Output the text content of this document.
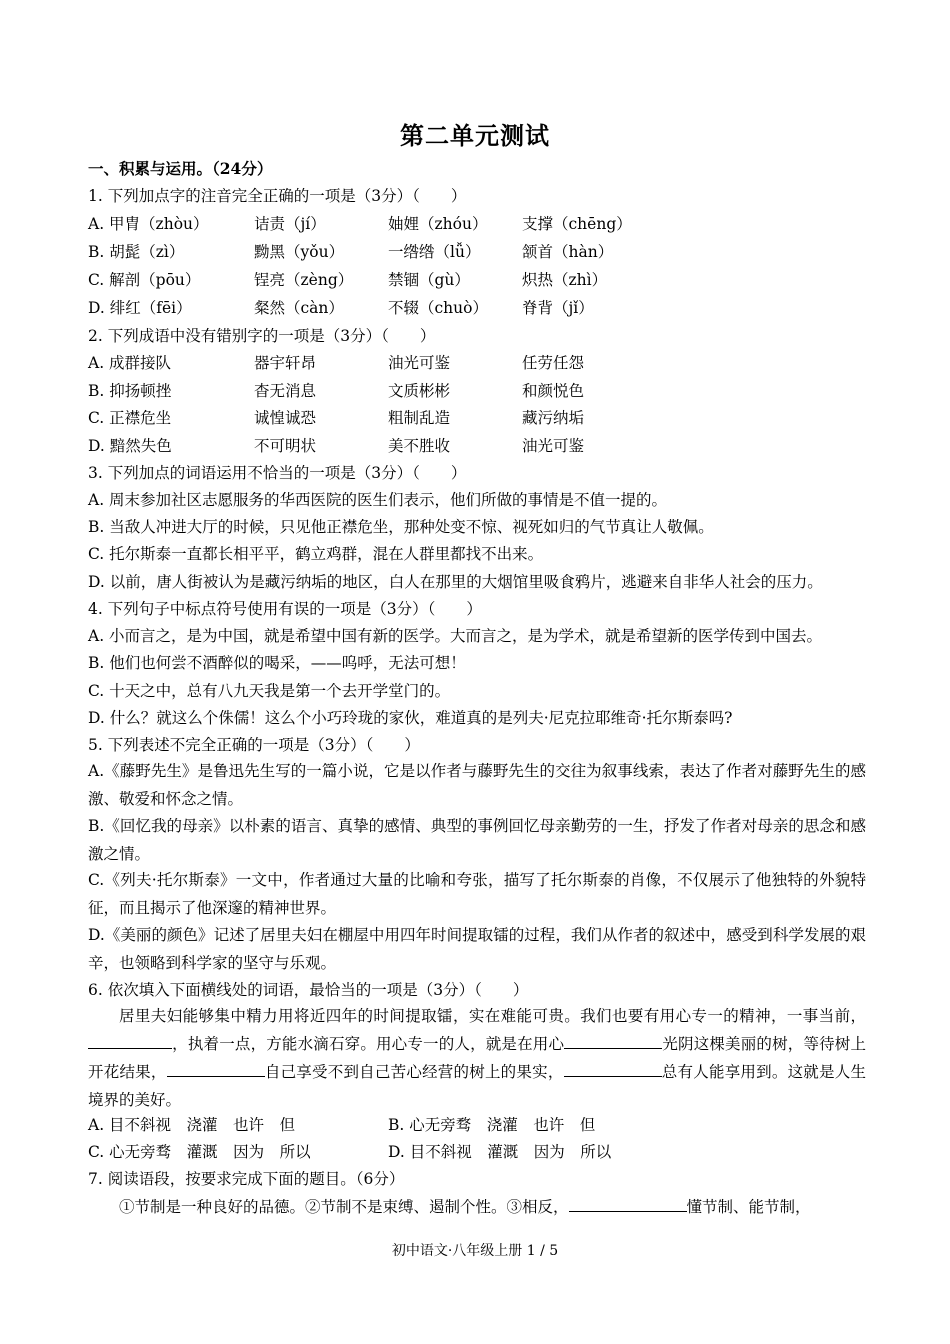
第二单元测试
一、积累与运用。（24分）
1. 下列加点字的注音完全正确的一项是（3分）（　　）
A. 甲胄（zhòu）	诘责（jí）	妯娌（zhóu） 支撑（chēng）
B. 胡髭（zì）	黝黑（yǒu）	一绺绺（lǚ）	颔首（hàn）
C. 解剖（pōu）	锃亮（zèng） 禁锢（gù）	炽热（zhì）
D. 绯红（fēi）	粲然（càn）	不辍（chuò） 脊背（jǐ）
2. 下列成语中没有错别字的一项是（3分）（　　）
A. 成群接队	器宇轩昂	油光可鉴	任劳任怨
B. 抑扬顿挫	杳无消息	文质彬彬	和颜悦色
C. 正襟危坐	诚惶诚恐	粗制乱造	藏污纳垢
D. 黯然失色	不可明状	美不胜收	油光可鉴
3. 下列加点的词语运用不恰当的一项是（3分）（　　）
A. 周末参加社区志愿服务的华西医院的医生们表示，他们所做的事情是不值一提的。
B. 当敌人冲进大厅的时候，只见他正襟危坐，那种处变不惊、视死如归的气节真让人敬佩。
C. 托尔斯泰一直都长相平平，鹤立鸡群，混在人群里都找不出来。
D. 以前，唐人街被认为是藏污纳垢的地区，白人在那里的大烟馆里吸食鸦片，逃避来自非华人社会的压力。
4. 下列句子中标点符号使用有误的一项是（3分）（　　）
A. 小而言之，是为中国，就是希望中国有新的医学。大而言之，是为学术，就是希望新的医学传到中国去。
B. 他们也何尝不酒醉似的喝采，——呜呼，无法可想！
C. 十天之中，总有八九天我是第一个去开学堂门的。
D. 什么？就这么个侏儒！这么个小巧玲珑的家伙，难道真的是列夫·尼克拉耶维奇·托尔斯泰吗?
5. 下列表述不完全正确的一项是（3分）（　　）
A.《藤野先生》是鲁迅先生写的一篇小说，它是以作者与藤野先生的交往为叙事线索，表达了作者对藤野先生的感激、敬爱和怀念之情。
B.《回忆我的母亲》以朴素的语言、真挚的感情、典型的事例回忆母亲勤劳的一生，抒发了作者对母亲的思念和感激之情。
C.《列夫·托尔斯泰》一文中，作者通过大量的比喻和夸张，描写了托尔斯泰的肖像，不仅展示了他独特的外貌特征，而且揭示了他深邃的精神世界。
D.《美丽的颜色》记述了居里夫妇在棚屋中用四年时间提取镭的过程，我们从作者的叙述中，感受到科学发展的艰辛，也领略到科学家的坚守与乐观。
6. 依次填入下面横线处的词语，最恰当的一项是（3分）（　　）
居里夫妇能够集中精力用将近四年的时间提取镭，实在难能可贵。我们也要有用心专一的精神，一事当前，，执着一点，方能水滴石穿。用心专一的人，就是在用心	光阴这棵美丽的树，等待树上开花结果，	自己享受不到自己苦心经营的树上的果实，	总有人能享用到。这就是人生境界的美好。
A. 目不斜视　浇灌　也许　但	B. 心无旁骛　浇灌　也许　但
C. 心无旁骛　灌溉　因为　所以	D. 目不斜视　灌溉　因为　所以
7. 阅读语段，按要求完成下面的题目。（6分）
①节制是一种良好的品德。②节制不是束缚、遏制个性。③相反，	懂节制、能节制，
初中语文·八年级上册 1 / 5
